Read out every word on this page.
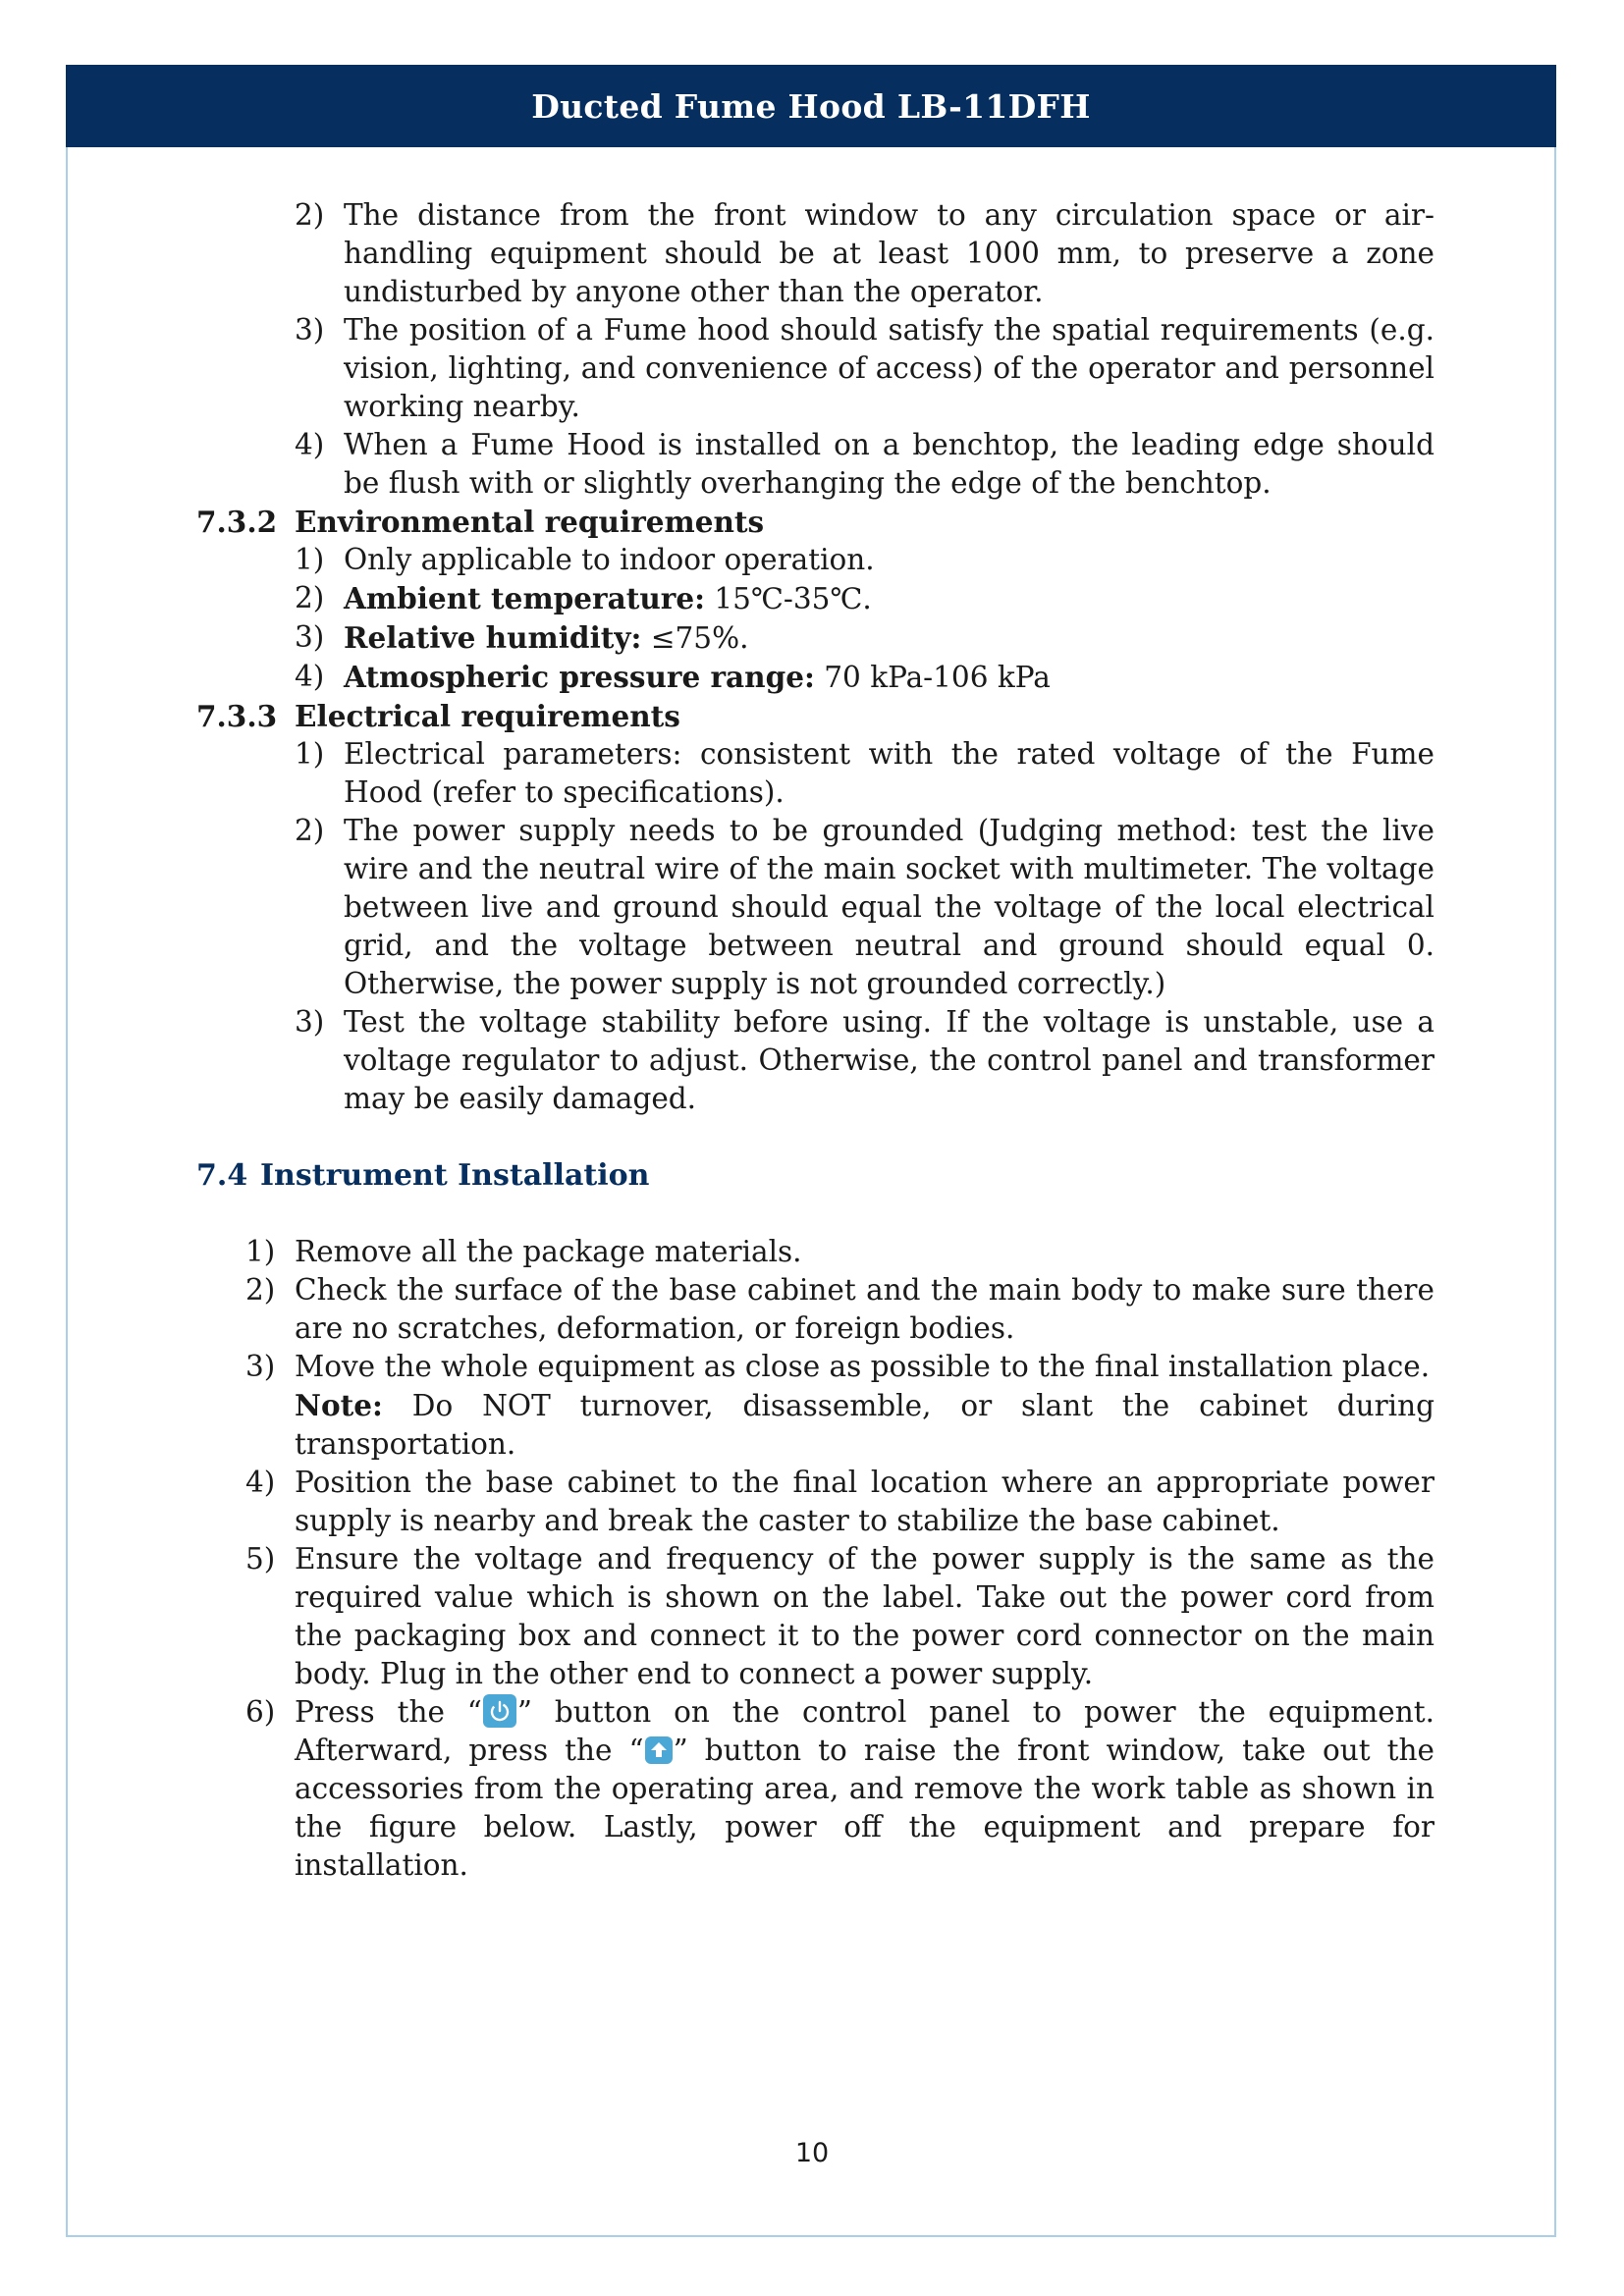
Ducted Fume Hood LB-11DFH
2) The distance from the front window to any circulation space or air-handling equipment should be at least 1000 mm, to preserve a zone undisturbed by anyone other than the operator.
3) The position of a Fume hood should satisfy the spatial requirements (e.g. vision, lighting, and convenience of access) of the operator and personnel working nearby.
4) When a Fume Hood is installed on a benchtop, the leading edge should be flush with or slightly overhanging the edge of the benchtop.
7.3.2 Environmental requirements
1) Only applicable to indoor operation.
2) Ambient temperature: 15℃-35℃.
3) Relative humidity: ≤75%.
4) Atmospheric pressure range: 70 kPa-106 kPa
7.3.3 Electrical requirements
1) Electrical parameters: consistent with the rated voltage of the Fume Hood (refer to specifications).
2) The power supply needs to be grounded (Judging method: test the live wire and the neutral wire of the main socket with multimeter. The voltage between live and ground should equal the voltage of the local electrical grid, and the voltage between neutral and ground should equal 0. Otherwise, the power supply is not grounded correctly.)
3) Test the voltage stability before using. If the voltage is unstable, use a voltage regulator to adjust. Otherwise, the control panel and transformer may be easily damaged.
7.4 Instrument Installation
1) Remove all the package materials.
2) Check the surface of the base cabinet and the main body to make sure there are no scratches, deformation, or foreign bodies.
3) Move the whole equipment as close as possible to the final installation place.
Note: Do NOT turnover, disassemble, or slant the cabinet during transportation.
4) Position the base cabinet to the final location where an appropriate power supply is nearby and break the caster to stabilize the base cabinet.
5) Ensure the voltage and frequency of the power supply is the same as the required value which is shown on the label. Take out the power cord from the packaging box and connect it to the power cord connector on the main body. Plug in the other end to connect a power supply.
6) Press the “ ” button on the control panel to power the equipment. Afterward, press the “ ” button to raise the front window, take out the accessories from the operating area, and remove the work table as shown in the figure below. Lastly, power off the equipment and prepare for installation.
10
